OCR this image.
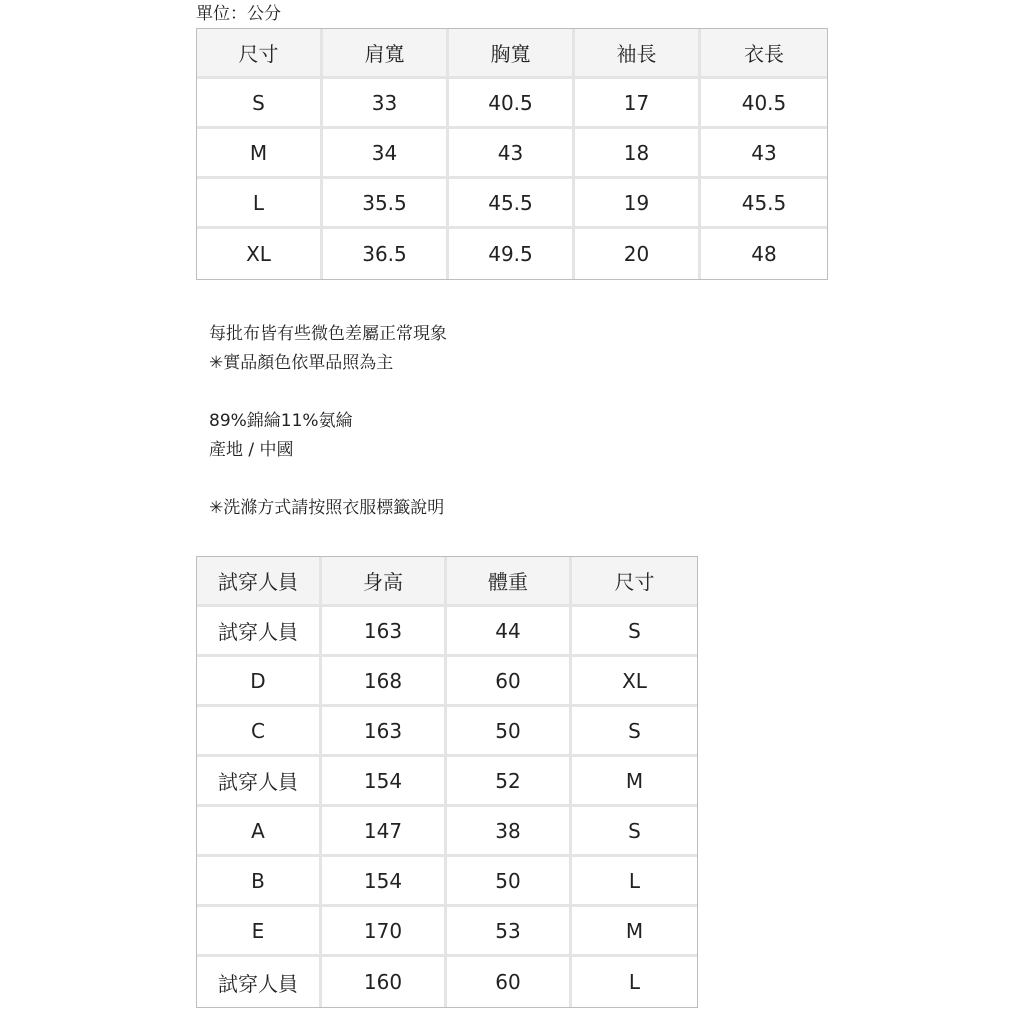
單位：公分
尺寸	肩寬	胸寬	袖長	衣長
S	33	40.5	17	40.5
M	34	43	18	43
L	35.5	45.5	19	45.5
XL	36.5	49.5	20	48
每批布皆有些微色差屬正常現象
✳實品顏色依單品照為主
89%錦綸11%氨綸
產地 / 中國
✳洗滌方式請按照衣服標籤說明
試穿人員	身高	體重	尺寸
試穿人員	163	44	S
D	168	60	XL
C	163	50	S
試穿人員	154	52	M
A	147	38	S
B	154	50	L
E	170	53	M
試穿人員	160	60	L
